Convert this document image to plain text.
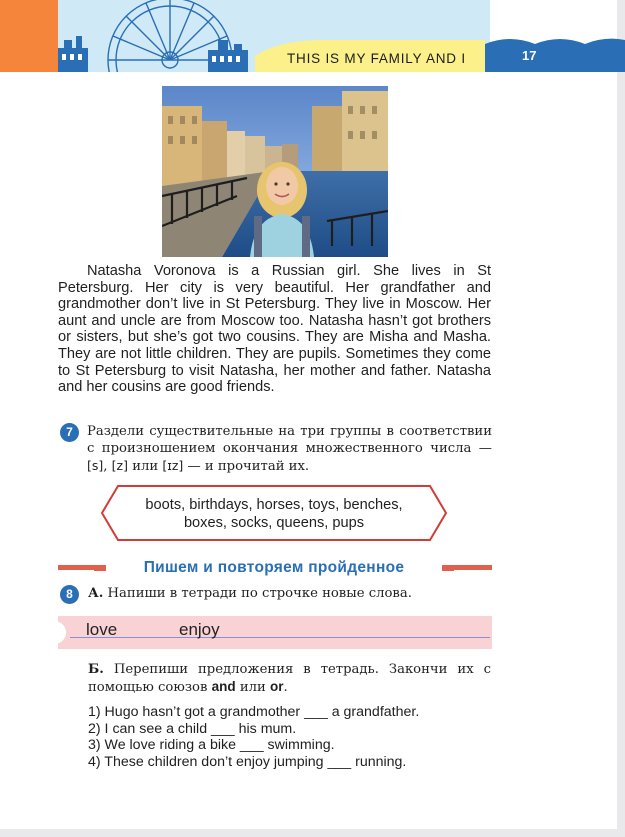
THIS IS MY FAMILY AND I	17

Natasha Voronova is a Russian girl. She lives in St Petersburg. Her city is very beautiful. Her grandfather and grandmother don’t live in St Petersburg. They live in Moscow. Her aunt and uncle are from Moscow too. Natasha hasn’t got brothers or sisters, but she’s got two cousins. They are Misha and Masha. They are not little children. They are pupils. Sometimes they come to St Petersburg to visit Natasha, her mother and father. Natasha and her cousins are good friends.

7	Раздели существительные на три группы в соответствии с произношением окончания множественного числа — [s], [z] или [ɪz] — и прочитай их.
boots, birthdays, horses, toys, benches,
boxes, socks, queens, pups
Пишем и повторяем пройденное
8	А. Напиши в тетради по строчке новые слова.
love	enjoy
Б. Перепиши предложения в тетрадь. Закончи их с помощью союзов and или or.
1) Hugo hasn’t got a grandmother ___ a grandfather.
2) I can see a child ___ his mum.
3) We love riding a bike ___ swimming.
4) These children don’t enjoy jumping ___ running.
